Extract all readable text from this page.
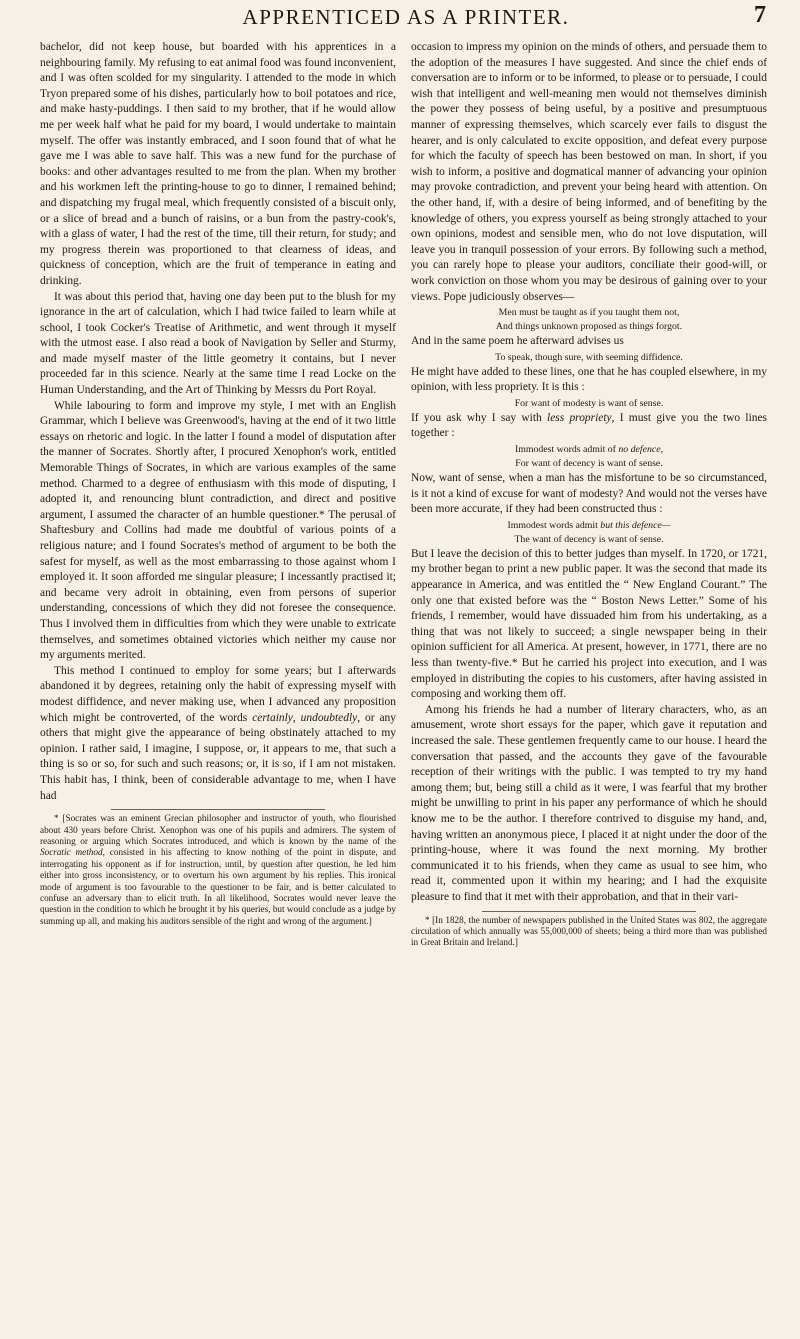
APPRENTICED AS A PRINTER.	7

bachelor, did not keep house, but boarded with his apprentices in a neighbouring family. My refusing to eat animal food was found inconvenient, and I was often scolded for my singularity. I attended to the mode in which Tryon prepared some of his dishes, particularly how to boil potatoes and rice, and make hasty-puddings. I then said to my brother, that if he would allow me per week half what he paid for my board, I would undertake to maintain myself. The offer was instantly embraced, and I soon found that of what he gave me I was able to save half. This was a new fund for the purchase of books: and other advantages resulted to me from the plan. When my brother and his workmen left the printing-house to go to dinner, I remained behind; and dispatching my frugal meal, which frequently consisted of a biscuit only, or a slice of bread and a bunch of raisins, or a bun from the pastry-cook's, with a glass of water, I had the rest of the time, till their return, for study; and my progress therein was proportioned to that clearness of ideas, and quickness of conception, which are the fruit of temperance in eating and drinking.

It was about this period that, having one day been put to the blush for my ignorance in the art of calculation, which I had twice failed to learn while at school, I took Cocker's Treatise of Arithmetic, and went through it myself with the utmost ease. I also read a book of Navigation by Seller and Sturmy, and made myself master of the little geometry it contains, but I never proceeded far in this science. Nearly at the same time I read Locke on the Human Understanding, and the Art of Thinking by Messrs du Port Royal.

While labouring to form and improve my style, I met with an English Grammar, which I believe was Greenwood's, having at the end of it two little essays on rhetoric and logic. In the latter I found a model of disputation after the manner of Socrates. Shortly after, I procured Xenophon's work, entitled Memorable Things of Socrates, in which are various examples of the same method. Charmed to a degree of enthusiasm with this mode of disputing, I adopted it, and renouncing blunt contradiction, and direct and positive argument, I assumed the character of an humble questioner.* The perusal of Shaftesbury and Collins had made me doubtful of various points of a religious nature; and I found Socrates's method of argument to be both the safest for myself, as well as the most embarrassing to those against whom I employed it. It soon afforded me singular pleasure; I incessantly practised it; and became very adroit in obtaining, even from persons of superior understanding, concessions of which they did not foresee the consequence. Thus I involved them in difficulties from which they were unable to extricate themselves, and sometimes obtained victories which neither my cause nor my arguments merited.

This method I continued to employ for some years; but I afterwards abandoned it by degrees, retaining only the habit of expressing myself with modest diffidence, and never making use, when I advanced any proposition which might be controverted, of the words certainly, undoubtedly, or any others that might give the appearance of being obstinately attached to my opinion. I rather said, I imagine, I suppose, or, it appears to me, that such a thing is so or so, for such and such reasons; or, it is so, if I am not mistaken. This habit has, I think, been of considerable advantage to me, when I have had

* [Socrates was an eminent Grecian philosopher and instructor of youth, who flourished about 430 years before Christ. Xenophon was one of his pupils and admirers. The system of reasoning or arguing which Socrates introduced, and which is known by the name of the Socratic method, consisted in his affecting to know nothing of the point in dispute, and interrogating his opponent as if for instruction, until, by question after question, he led him either into gross inconsistency, or to overturn his own argument by his replies. This ironical mode of argument is too favourable to the questioner to be fair, and is better calculated to confuse an adversary than to elicit truth. In all likelihood, Socrates would never leave the question in the condition to which he brought it by his queries, but would conclude as a judge by summing up all, and making his auditors sensible of the right and wrong of the argument.]

occasion to impress my opinion on the minds of others, and persuade them to the adoption of the measures I have suggested. And since the chief ends of conversation are to inform or to be informed, to please or to persuade, I could wish that intelligent and well-meaning men would not themselves diminish the power they possess of being useful, by a positive and presumptuous manner of expressing themselves, which scarcely ever fails to disgust the hearer, and is only calculated to excite opposition, and defeat every purpose for which the faculty of speech has been bestowed on man. In short, if you wish to inform, a positive and dogmatical manner of advancing your opinion may provoke contradiction, and prevent your being heard with attention. On the other hand, if, with a desire of being informed, and of benefiting by the knowledge of others, you express yourself as being strongly attached to your own opinions, modest and sensible men, who do not love disputation, will leave you in tranquil possession of your errors. By following such a method, you can rarely hope to please your auditors, conciliate their good-will, or work conviction on those whom you may be desirous of gaining over to your views. Pope judiciously observes—

Men must be taught as if you taught them not,
And things unknown proposed as things forgot.

And in the same poem he afterward advises us

To speak, though sure, with seeming diffidence.

He might have added to these lines, one that he has coupled elsewhere, in my opinion, with less propriety. It is this :

For want of modesty is want of sense.

If you ask why I say with less propriety, I must give you the two lines together :

Immodest words admit of no defence,
For want of decency is want of sense.

Now, want of sense, when a man has the misfortune to be so circumstanced, is it not a kind of excuse for want of modesty? And would not the verses have been more accurate, if they had been constructed thus :

Immodest words admit but this defence—
The want of decency is want of sense.

But I leave the decision of this to better judges than myself. In 1720, or 1721, my brother began to print a new public paper. It was the second that made its appearance in America, and was entitled the “ New England Courant.” The only one that existed before was the “ Boston News Letter.” Some of his friends, I remember, would have dissuaded him from his undertaking, as a thing that was not likely to succeed; a single newspaper being in their opinion sufficient for all America. At present, however, in 1771, there are no less than twenty-five.* But he carried his project into execution, and I was employed in distributing the copies to his customers, after having assisted in composing and working them off.

Among his friends he had a number of literary characters, who, as an amusement, wrote short essays for the paper, which gave it reputation and increased the sale. These gentlemen frequently came to our house. I heard the conversation that passed, and the accounts they gave of the favourable reception of their writings with the public. I was tempted to try my hand among them; but, being still a child as it were, I was fearful that my brother might be unwilling to print in his paper any performance of which he should know me to be the author. I therefore contrived to disguise my hand, and, having written an anonymous piece, I placed it at night under the door of the printing-house, where it was found the next morning. My brother communicated it to his friends, when they came as usual to see him, who read it, commented upon it within my hearing; and I had the exquisite pleasure to find that it met with their approbation, and that in their vari-

* [In 1828, the number of newspapers published in the United States was 802, the aggregate circulation of which annually was 55,000,000 of sheets; being a third more than was published in Great Britain and Ireland.]
